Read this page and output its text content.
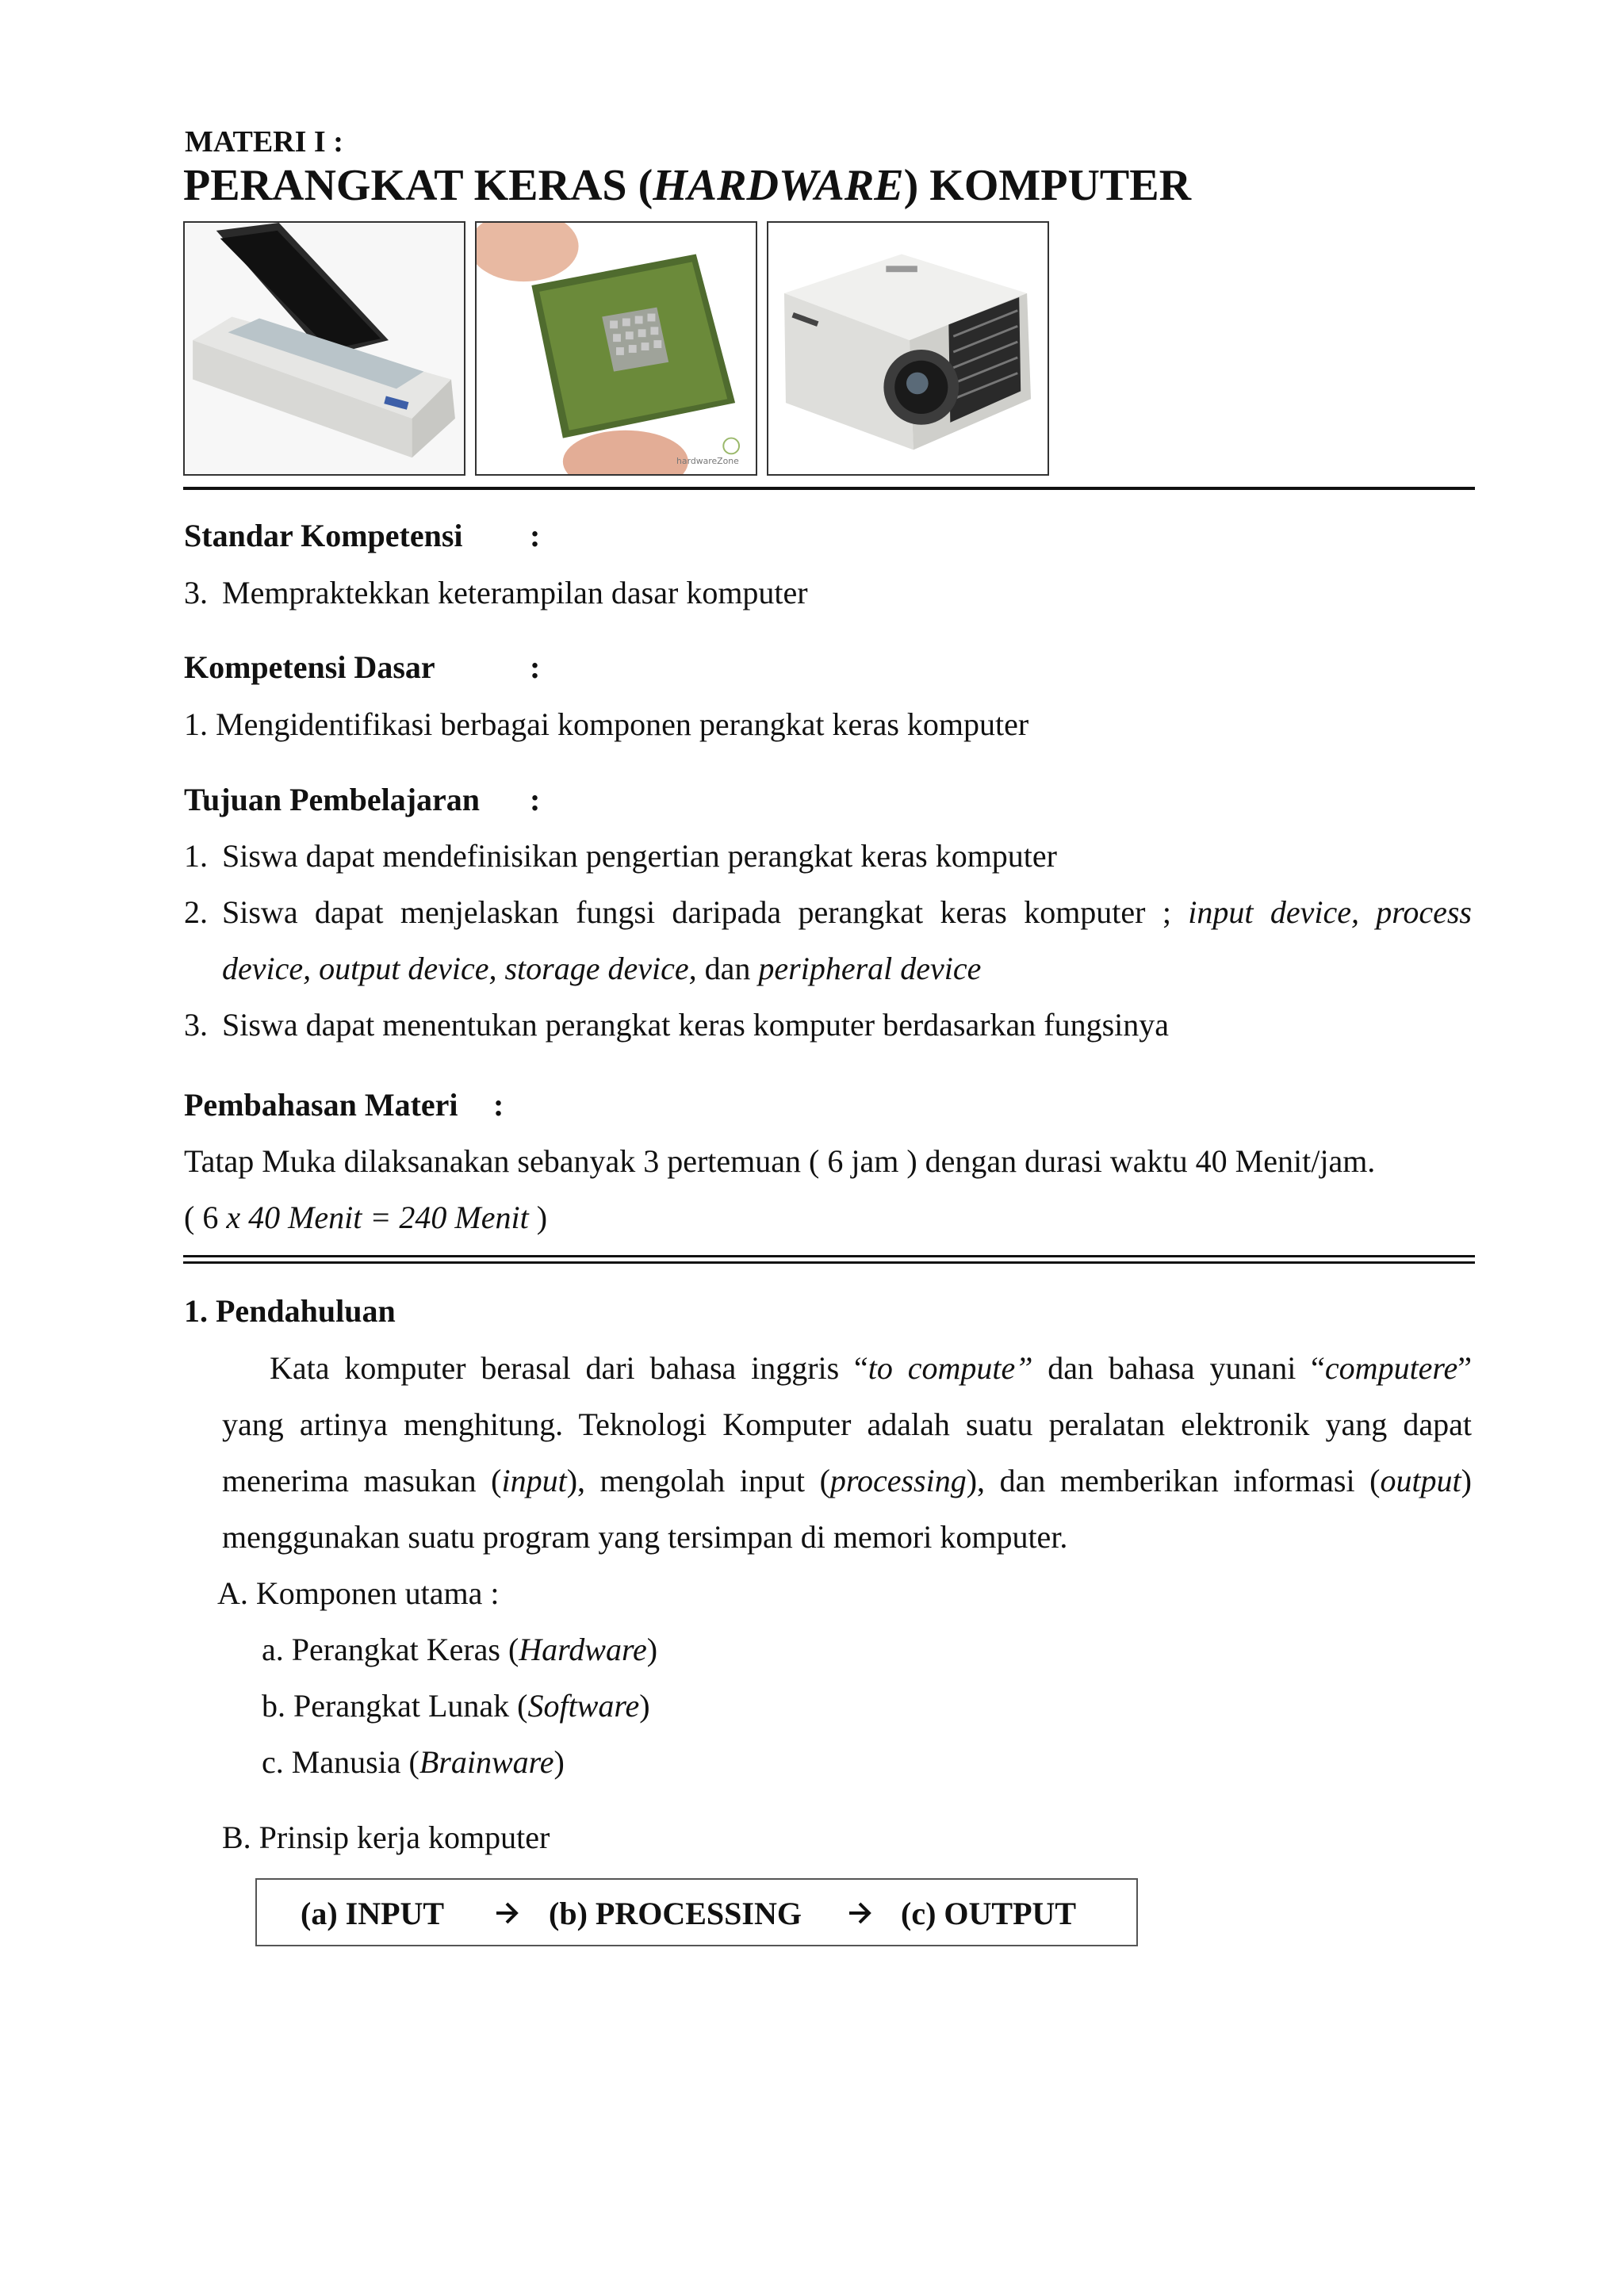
MATERI I :
PERANGKAT KERAS (HARDWARE) KOMPUTER
hardwareZone
Standar Kompetensi :
3. Mempraktekkan keterampilan dasar komputer
Kompetensi Dasar	:
1. Mengidentifikasi berbagai komponen perangkat keras komputer
Tujuan Pembelajaran :
1. Siswa dapat mendefinisikan pengertian perangkat keras komputer
2. Siswa dapat menjelaskan fungsi daripada perangkat keras komputer ; input device, process
device, output device, storage device, dan peripheral device
3. Siswa dapat menentukan perangkat keras komputer berdasarkan fungsinya
Pembahasan Materi :
Tatap Muka dilaksanakan sebanyak 3 pertemuan ( 6 jam ) dengan durasi waktu 40 Menit/jam.
( 6 x 40 Menit = 240 Menit )
1. Pendahuluan
Kata komputer berasal dari bahasa inggris “to compute” dan bahasa yunani “computere”
yang artinya menghitung. Teknologi Komputer adalah suatu peralatan elektronik yang dapat
menerima masukan (input), mengolah input (processing), dan memberikan informasi (output)
menggunakan suatu program yang tersimpan di memori komputer.
A. Komponen utama :
a. Perangkat Keras (Hardware)
b. Perangkat Lunak (Software)
c. Manusia (Brainware)
B. Prinsip kerja komputer
(a) INPUT	(b) PROCESSING	(c) OUTPUT
